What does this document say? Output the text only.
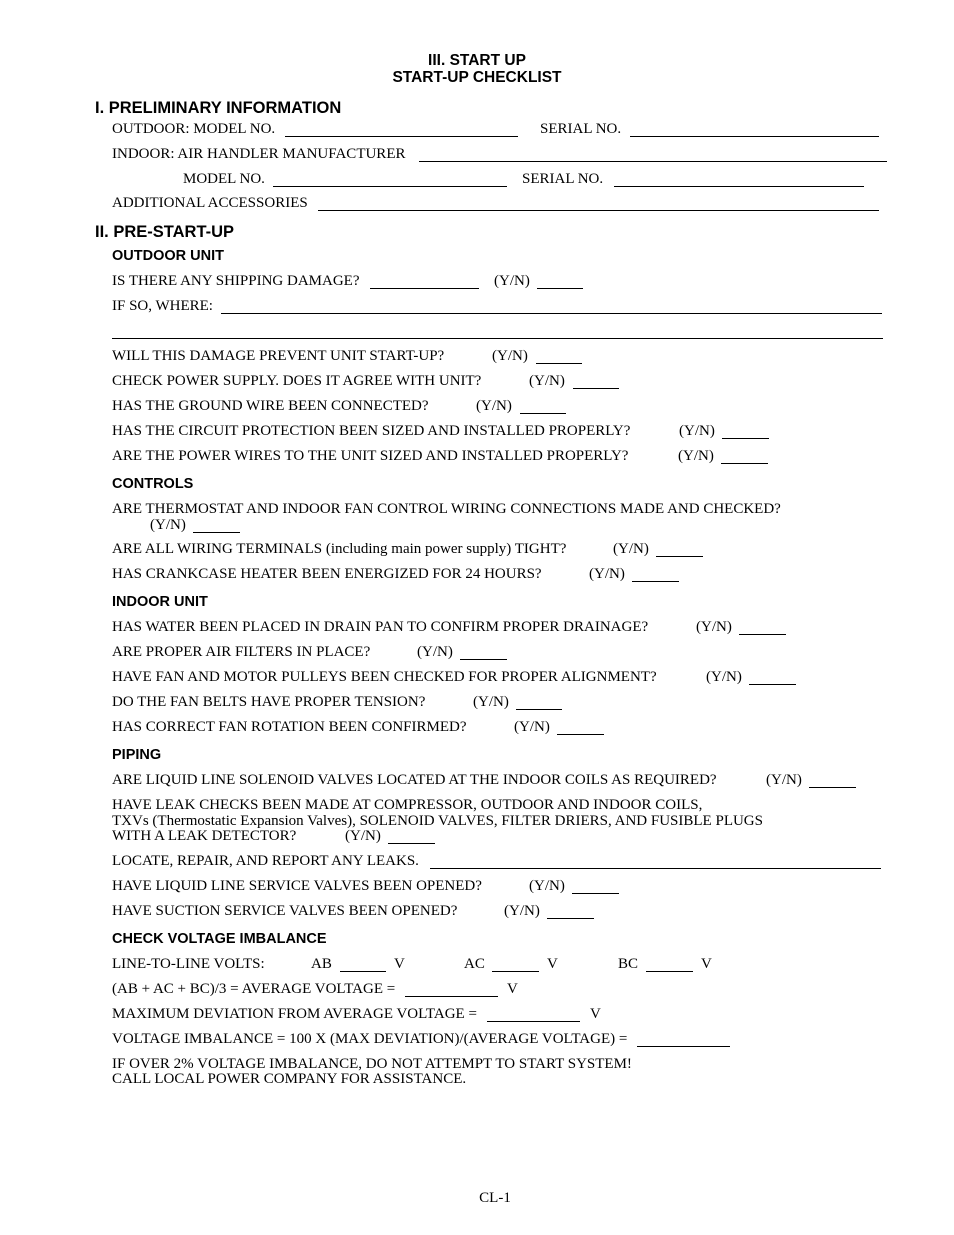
III. START UP
START-UP CHECKLIST
I. PRELIMINARY INFORMATION
OUTDOOR: MODEL NO.	SERIAL NO.
INDOOR: AIR HANDLER MANUFACTURER
MODEL NO.	SERIAL NO.
ADDITIONAL ACCESSORIES
II. PRE-START-UP
OUTDOOR UNIT
IS THERE ANY SHIPPING DAMAGE?	(Y/N)
IF SO, WHERE:
WILL THIS DAMAGE PREVENT UNIT START-UP?	(Y/N)
CHECK POWER SUPPLY. DOES IT AGREE WITH UNIT?	(Y/N)
HAS THE GROUND WIRE BEEN CONNECTED?	(Y/N)
HAS THE CIRCUIT PROTECTION BEEN SIZED AND INSTALLED PROPERLY?	(Y/N)
ARE THE POWER WIRES TO THE UNIT SIZED AND INSTALLED PROPERLY?	(Y/N)
CONTROLS
ARE THERMOSTAT AND INDOOR FAN CONTROL WIRING CONNECTIONS MADE AND CHECKED?
(Y/N)
ARE ALL WIRING TERMINALS (including main power supply) TIGHT?	(Y/N)
HAS CRANKCASE HEATER BEEN ENERGIZED FOR 24 HOURS?	(Y/N)
INDOOR UNIT
HAS WATER BEEN PLACED IN DRAIN PAN TO CONFIRM PROPER DRAINAGE?	(Y/N)
ARE PROPER AIR FILTERS IN PLACE?	(Y/N)
HAVE FAN AND MOTOR PULLEYS BEEN CHECKED FOR PROPER ALIGNMENT?	(Y/N)
DO THE FAN BELTS HAVE PROPER TENSION?	(Y/N)
HAS CORRECT FAN ROTATION BEEN CONFIRMED?	(Y/N)
PIPING
ARE LIQUID LINE SOLENOID VALVES LOCATED AT THE INDOOR COILS AS REQUIRED?	(Y/N)
HAVE LEAK CHECKS BEEN MADE AT COMPRESSOR, OUTDOOR AND INDOOR COILS,
TXVs (Thermostatic Expansion Valves), SOLENOID VALVES, FILTER DRIERS, AND FUSIBLE PLUGS
WITH A LEAK DETECTOR?	(Y/N)
LOCATE, REPAIR, AND REPORT ANY LEAKS.
HAVE LIQUID LINE SERVICE VALVES BEEN OPENED?	(Y/N)
HAVE SUCTION SERVICE VALVES BEEN OPENED?	(Y/N)
CHECK VOLTAGE IMBALANCE
LINE-TO-LINE VOLTS:	AB	V	AC	V	BC	V
(AB + AC + BC)/3 = AVERAGE VOLTAGE =	V
MAXIMUM DEVIATION FROM AVERAGE VOLTAGE =	V
VOLTAGE IMBALANCE = 100 X (MAX DEVIATION)/(AVERAGE VOLTAGE) =
IF OVER 2% VOLTAGE IMBALANCE, DO NOT ATTEMPT TO START SYSTEM!
CALL LOCAL POWER COMPANY FOR ASSISTANCE.
CL-1
